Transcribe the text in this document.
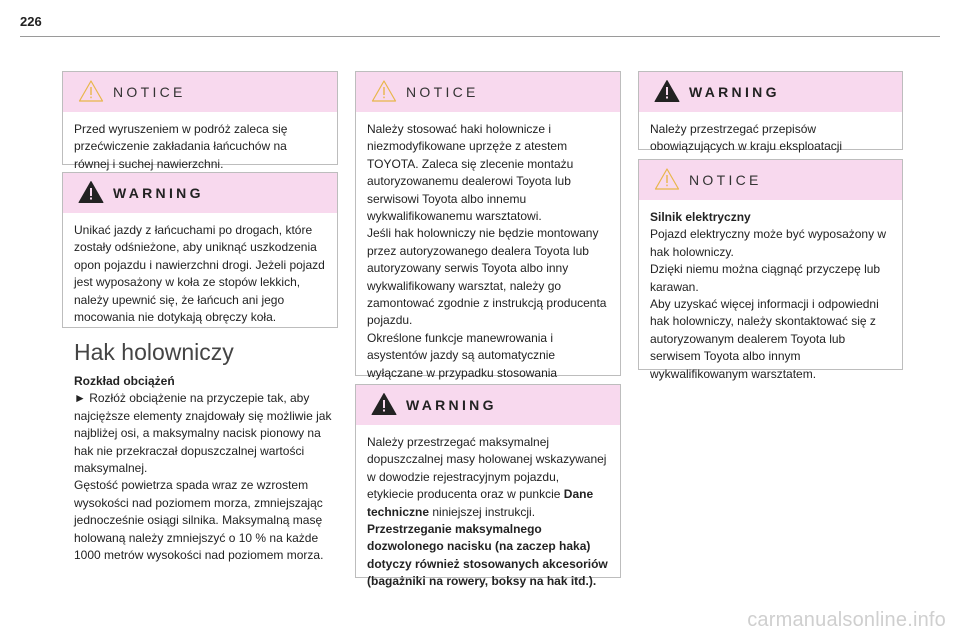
226
NOTICE

Przed wyruszeniem w podróż zaleca się przećwiczenie zakładania łańcuchów na równej i suchej nawierzchni.

WARNING

Unikać jazdy z łańcuchami po drogach, które zostały odśnieżone, aby uniknąć uszkodzenia opon pojazdu i nawierzchni drogi. Jeżeli pojazd jest wyposażony w koła ze stopów lekkich, należy upewnić się, że łańcuch ani jego mocowania nie dotykają obręczy koła.

Hak holowniczy

Rozkład obciążeń

► Rozłóż obciążenie na przyczepie tak, aby najcięższe elementy znajdowały się możliwie jak najbliżej osi, a maksymalny nacisk pionowy na hak nie przekraczał dopuszczalnej wartości maksymalnej.

Gęstość powietrza spada wraz ze wzrostem wysokości nad poziomem morza, zmniejszając jednocześnie osiągi silnika. Maksymalną masę holowaną należy zmniejszyć o 10 % na każde 1000 metrów wysokości nad poziomem morza.

NOTICE

Należy stosować haki holownicze i niezmodyfikowane uprzęże z atestem TOYOTA. Zaleca się zlecenie montażu autoryzowanemu dealerowi Toyota lub serwisowi Toyota albo innemu wykwalifikowanemu warsztatowi.

Jeśli hak holowniczy nie będzie montowany przez autoryzowanego dealera Toyota lub autoryzowany serwis Toyota albo inny wykwalifikowany warsztat, należy go zamontować zgodnie z instrukcją producenta pojazdu.

Określone funkcje manewrowania i asystentów jazdy są automatycznie wyłączane w przypadku stosowania

WARNING

Należy przestrzegać maksymalnej dopuszczalnej masy holowanej wskazywanej w dowodzie rejestracyjnym pojazdu, etykiecie producenta oraz w punkcie Dane techniczne niniejszej instrukcji.

Przestrzeganie maksymalnego dozwolonego nacisku (na zaczep haka) dotyczy również stosowanych akcesoriów (bagażniki na rowery, boksy na hak itd.).

WARNING

Należy przestrzegać przepisów obowiązujących w kraju eksploatacji

NOTICE

Silnik elektryczny

Pojazd elektryczny może być wyposażony w hak holowniczy.

Dzięki niemu można ciągnąć przyczepę lub karawan.

Aby uzyskać więcej informacji i odpowiedni hak holowniczy, należy skontaktować się z autoryzowanym dealerem Toyota lub serwisem Toyota albo innym wykwalifikowanym warsztatem.

carmanualsonline.info
